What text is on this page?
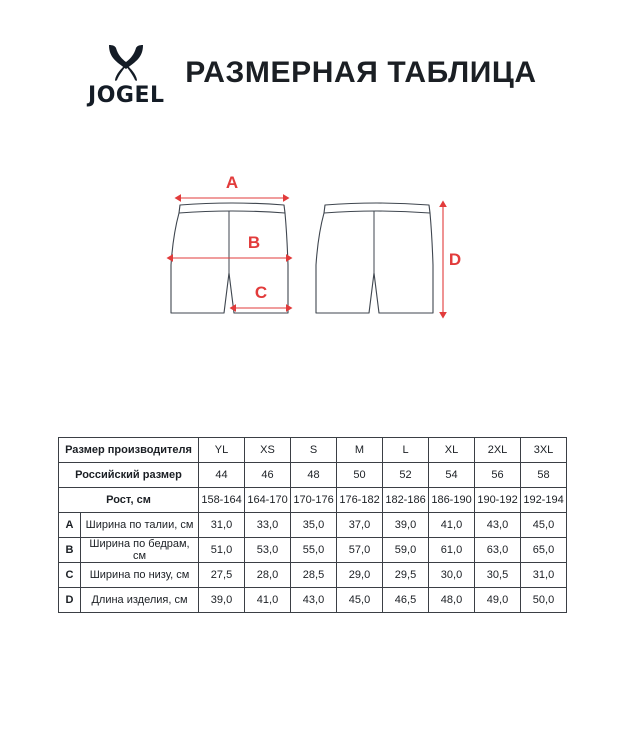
JOGEL
РАЗМЕРНАЯ ТАБЛИЦА
A
B
C
D
Размер производителя		YL	XS	S	M	L	XL	2XL	3XL
Российский размер		44	46	48	50	52	54	56	58
Рост, см		158-164	164-170	170-176	176-182	182-186	186-190	190-192	192-194
A	Ширина по талии, см	31,0	33,0	35,0	37,0	39,0	41,0	43,0	45,0
B	Ширина по бедрам, см	51,0	53,0	55,0	57,0	59,0	61,0	63,0	65,0
C	Ширина по низу, см	27,5	28,0	28,5	29,0	29,5	30,0	30,5	31,0
D	Длина изделия, см	39,0	41,0	43,0	45,0	46,5	48,0	49,0	50,0
